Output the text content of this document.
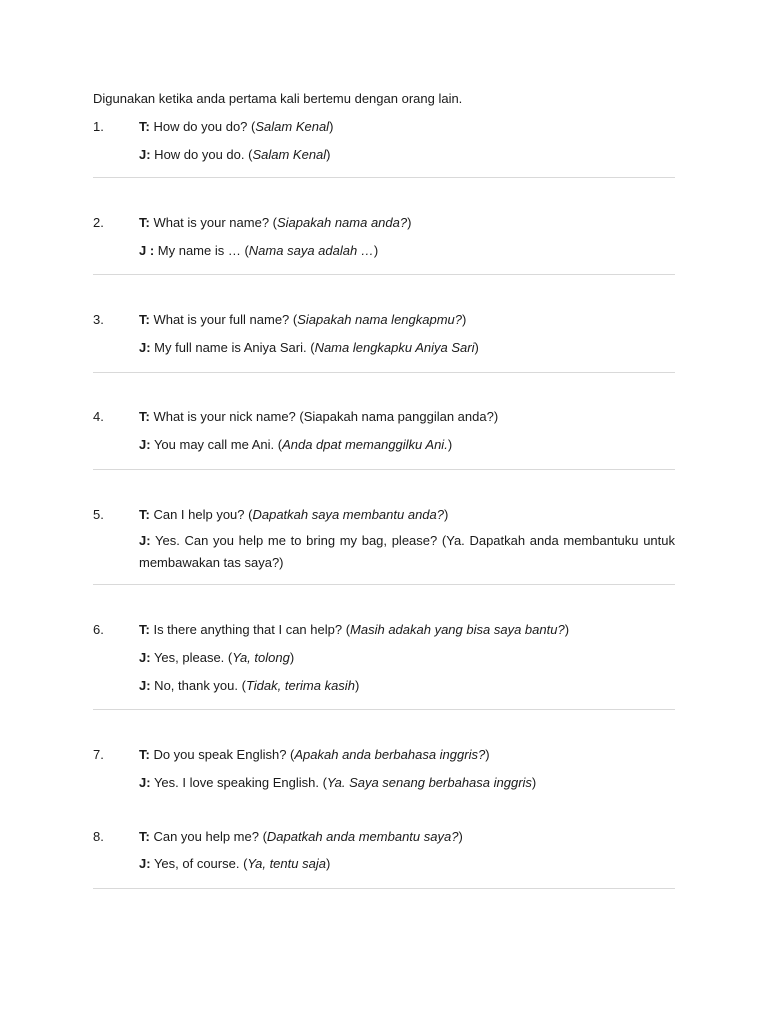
Digunakan ketika anda pertama kali bertemu dengan orang lain.
1.	T: How do you do? (Salam Kenal)
J: How do you do. (Salam Kenal)
2.	T: What is your name? (Siapakah nama anda?)
J : My name is … (Nama saya adalah …)
3.	T: What is your full name? (Siapakah nama lengkapmu?)
J: My full name is Aniya Sari. (Nama lengkapku Aniya Sari)
4.	T: What is your nick name? (Siapakah nama panggilan anda?)
J: You may call me Ani. (Anda dpat memanggilku Ani.)
5.	T: Can I help you? (Dapatkah saya membantu anda?)
J: Yes. Can you help me to bring my bag, please? (Ya. Dapatkah anda membantuku untuk membawakan tas saya?)
6.	T: Is there anything that I can help? (Masih adakah yang bisa saya bantu?)
J: Yes, please. (Ya, tolong)
J: No, thank you. (Tidak, terima kasih)
7.	T: Do you speak English? (Apakah anda berbahasa inggris?)
J: Yes. I love speaking English. (Ya. Saya senang berbahasa inggris)
8.	T: Can you help me? (Dapatkah anda membantu saya?)
J: Yes, of course. (Ya, tentu saja)
